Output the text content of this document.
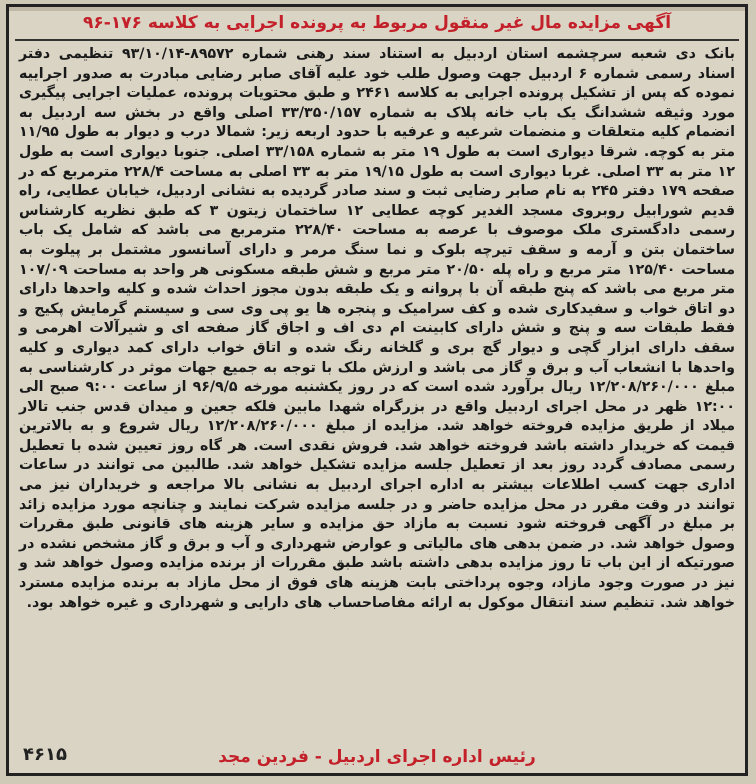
آگهی مزایده مال غیر منقول مربوط به پرونده اجرایی به کلاسه ۱۷۶-۹۶
بانک دی شعبه سرچشمه استان اردبیل به استناد سند رهنی شماره ۸۹۵۷۲-۹۳/۱۰/۱۴ تنظیمی دفتر اسناد رسمی شماره ۶ اردبیل جهت وصول طلب خود علیه آقای صابر رضایی مبادرت به صدور اجراییه نموده که پس از تشکیل پرونده اجرایی به کلاسه ۲۴۶۱ و طبق محتویات پرونده، عملیات اجرایی پیگیری مورد وثیقه ششدانگ یک باب خانه پلاک به شماره ۳۳/۳۵۰/۱۵۷ اصلی واقع در بخش سه اردبیل به انضمام کلیه متعلقات و منضمات شرعیه و عرفیه با حدود اربعه زیر: شمالا درب و دیوار به طول ۱۱/۹۵ متر به کوچه. شرقا دیواری است به طول ۱۹ متر به شماره ۳۳/۱۵۸ اصلی. جنوبا دیواری است به طول ۱۲ متر به ۳۳ اصلی. غربا دیواری است به طول ۱۹/۱۵ متر به ۳۳ اصلی به مساحت ۲۲۸/۴ مترمربع که در صفحه ۱۷۹ دفتر ۲۴۵ به نام صابر رضایی ثبت و سند صادر گردیده به نشانی اردبیل، خیابان عطایی، راه قدیم شورابیل روبروی مسجد الغدیر کوچه عطایی ۱۲ ساختمان زیتون ۳ که طبق نظریه کارشناس رسمی دادگستری ملک موصوف با عرصه به مساحت ۲۲۸/۴۰ مترمربع می باشد که شامل یک باب ساختمان بتن و آرمه و سقف تیرچه بلوک و نما سنگ مرمر و دارای آسانسور مشتمل بر پیلوت به مساحت ۱۲۵/۴۰ متر مربع و راه پله ۲۰/۵۰ متر مربع و شش طبقه مسکونی هر واحد به مساحت ۱۰۷/۰۹ متر مربع می باشد که پنج طبقه آن با پروانه و یک طبقه بدون مجوز احداث شده و کلیه واحدها دارای دو اتاق خواب و سفیدکاری شده و کف سرامیک و پنجره ها یو پی وی سی و سیستم گرمایش پکیج و فقط طبقات سه و پنج و شش دارای کابینت ام دی اف و اجاق گاز صفحه ای و شیرآلات اهرمی و سقف دارای ابزار گچی و دیوار گچ بری و گلخانه رنگ شده و اتاق خواب دارای کمد دیواری و کلیه واحدها با انشعاب آب و برق و گاز می باشد و ارزش ملک با توجه به جمیع جهات موثر در کارشناسی به مبلغ ۱۲/۲۰۸/۲۶۰/۰۰۰ ریال برآورد شده است که در روز یکشنبه مورخه ۹۶/۹/۵ از ساعت ۹:۰۰ صبح الی ۱۲:۰۰ ظهر در محل اجرای اردبیل واقع در بزرگراه شهدا مابین فلکه جعین و میدان قدس جنب تالار میلاد از طریق مزایده فروخته خواهد شد. مزایده از مبلغ ۱۲/۲۰۸/۲۶۰/۰۰۰ ریال شروع و به بالاترین قیمت که خریدار داشته باشد فروخته خواهد شد. فروش نقدی است. هر گاه روز تعیین شده با تعطیل رسمی مصادف گردد روز بعد از تعطیل جلسه مزایده تشکیل خواهد شد. طالبین می توانند در ساعات اداری جهت کسب اطلاعات بیشتر به اداره اجرای اردبیل به نشانی بالا مراجعه و خریداران نیز می توانند در وقت مقرر در محل مزایده حاضر و در جلسه مزایده شرکت نمایند و چنانچه مورد مزایده زائد بر مبلغ در آگهی فروخته شود نسبت به مازاد حق مزایده و سایر هزینه های قانونی طبق مقررات وصول خواهد شد. در ضمن بدهی های مالیاتی و عوارض شهرداری و آب و برق و گاز مشخص نشده در صورتیکه از این باب تا روز مزایده بدهی داشته باشد طبق مقررات از برنده مزایده وصول خواهد شد و نیز در صورت وجود مازاد، وجوه پرداختی بابت هزینه های فوق از محل مازاد به برنده مزایده مسترد خواهد شد. تنظیم سند انتقال موکول به ارائه مفاصاحساب های دارایی و شهرداری و غیره خواهد بود.
۴۶۱۵	رئیس اداره اجرای اردبیل - فردین مجد
